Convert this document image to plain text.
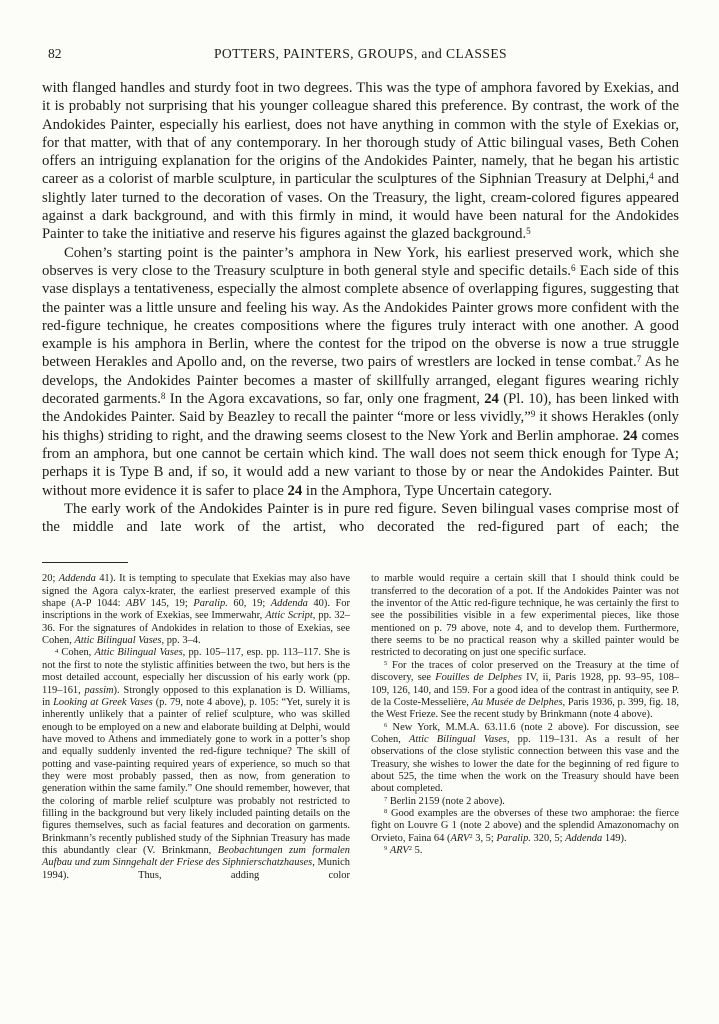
82	POTTERS, PAINTERS, GROUPS, and CLASSES

with flanged handles and sturdy foot in two degrees. This was the type of amphora favored by Exekias, and it is probably not surprising that his younger colleague shared this preference. By contrast, the work of the Andokides Painter, especially his earliest, does not have anything in common with the style of Exekias or, for that matter, with that of any contemporary. In her thorough study of Attic bilingual vases, Beth Cohen offers an intriguing explanation for the origins of the Andokides Painter, namely, that he began his artistic career as a colorist of marble sculpture, in particular the sculptures of the Siphnian Treasury at Delphi,$^4$ and slightly later turned to the decoration of vases. On the Treasury, the light, cream-colored figures appeared against a dark background, and with this firmly in mind, it would have been natural for the Andokides Painter to take the initiative and reserve his figures against the glazed background.$^5$

Cohen’s starting point is the painter’s amphora in New York, his earliest preserved work, which she observes is very close to the Treasury sculpture in both general style and specific details.$^6$ Each side of this vase displays a tentativeness, especially the almost complete absence of overlapping figures, suggesting that the painter was a little unsure and feeling his way. As the Andokides Painter grows more confident with the red-figure technique, he creates compositions where the figures truly interact with one another. A good example is his amphora in Berlin, where the contest for the tripod on the obverse is now a true struggle between Herakles and Apollo and, on the reverse, two pairs of wrestlers are locked in tense combat.$^7$ As he develops, the Andokides Painter becomes a master of skillfully arranged, elegant figures wearing richly decorated garments.$^8$ In the Agora excavations, so far, only one fragment, 24 (Pl. 10), has been linked with the Andokides Painter. Said by Beazley to recall the painter “more or less vividly,”$^9$ it shows Herakles (only his thighs) striding to right, and the drawing seems closest to the New York and Berlin amphorae. 24 comes from an amphora, but one cannot be certain which kind. The wall does not seem thick enough for Type A; perhaps it is Type B and, if so, it would add a new variant to those by or near the Andokides Painter. But without more evidence it is safer to place 24 in the Amphora, Type Uncertain category.

The early work of the Andokides Painter is in pure red figure. Seven bilingual vases comprise most of the middle and late work of the artist, who decorated the red-figured part of each; the

20; Addenda 41). It is tempting to speculate that Exekias may also have signed the Agora calyx-krater, the earliest preserved example of this shape (A-P 1044: ABV 145, 19; Paralip. 60, 19; Addenda 40). For inscriptions in the work of Exekias, see Immerwahr, Attic Script, pp. 32–36. For the signatures of Andokides in relation to those of Exekias, see Cohen, Attic Bilingual Vases, pp. 3–4.

$^4$ Cohen, Attic Bilingual Vases, pp. 105–117, esp. pp. 113–117. She is not the first to note the stylistic affinities between the two, but hers is the most detailed account, especially her discussion of his early work (pp. 119–161, passim). Strongly opposed to this explanation is D. Williams, in Looking at Greek Vases (p. 79, note 4 above), p. 105: “Yet, surely it is inherently unlikely that a painter of relief sculpture, who was skilled enough to be employed on a new and elaborate building at Delphi, would have moved to Athens and immediately gone to work in a potter’s shop and equally suddenly invented the red-figure technique? The skill of potting and vase-painting required years of experience, so much so that they were most probably passed, then as now, from generation to generation within the same family.” One should remember, however, that the coloring of marble relief sculpture was probably not restricted to filling in the background but very likely included painting details on the figures themselves, such as facial features and decoration on garments. Brinkmann’s recently published study of the Siphnian Treasury has made this abundantly clear (V. Brinkmann, Beobachtungen zum formalen Aufbau und zum Sinngehalt der Friese des Siphnierschatzhauses, Munich 1994). Thus, adding color

to marble would require a certain skill that I should think could be transferred to the decoration of a pot. If the Andokides Painter was not the inventor of the Attic red-figure technique, he was certainly the first to see the possibilities visible in a few experimental pieces, like those mentioned on p. 79 above, note 4, and to develop them. Furthermore, there seems to be no practical reason why a skilled painter would be restricted to decorating on just one specific surface.

$^5$ For the traces of color preserved on the Treasury at the time of discovery, see Fouilles de Delphes IV, ii, Paris 1928, pp. 93–95, 108–109, 126, 140, and 159. For a good idea of the contrast in antiquity, see P. de la Coste-Messelière, Au Musée de Delphes, Paris 1936, p. 399, fig. 18, the West Frieze. See the recent study by Brinkmann (note 4 above).

$^6$ New York, M.M.A. 63.11.6 (note 2 above). For discussion, see Cohen, Attic Bilingual Vases, pp. 119–131. As a result of her observations of the close stylistic connection between this vase and the Treasury, she wishes to lower the date for the beginning of red figure to about 525, the time when the work on the Treasury should have been about completed.

$^7$ Berlin 2159 (note 2 above).

$^8$ Good examples are the obverses of these two amphorae: the fierce fight on Louvre G 1 (note 2 above) and the splendid Amazonomachy on Orvieto, Faina 64 (ARV$^2$ 3, 5; Paralip. 320, 5; Addenda 149).

$^9$ ARV$^2$ 5.
